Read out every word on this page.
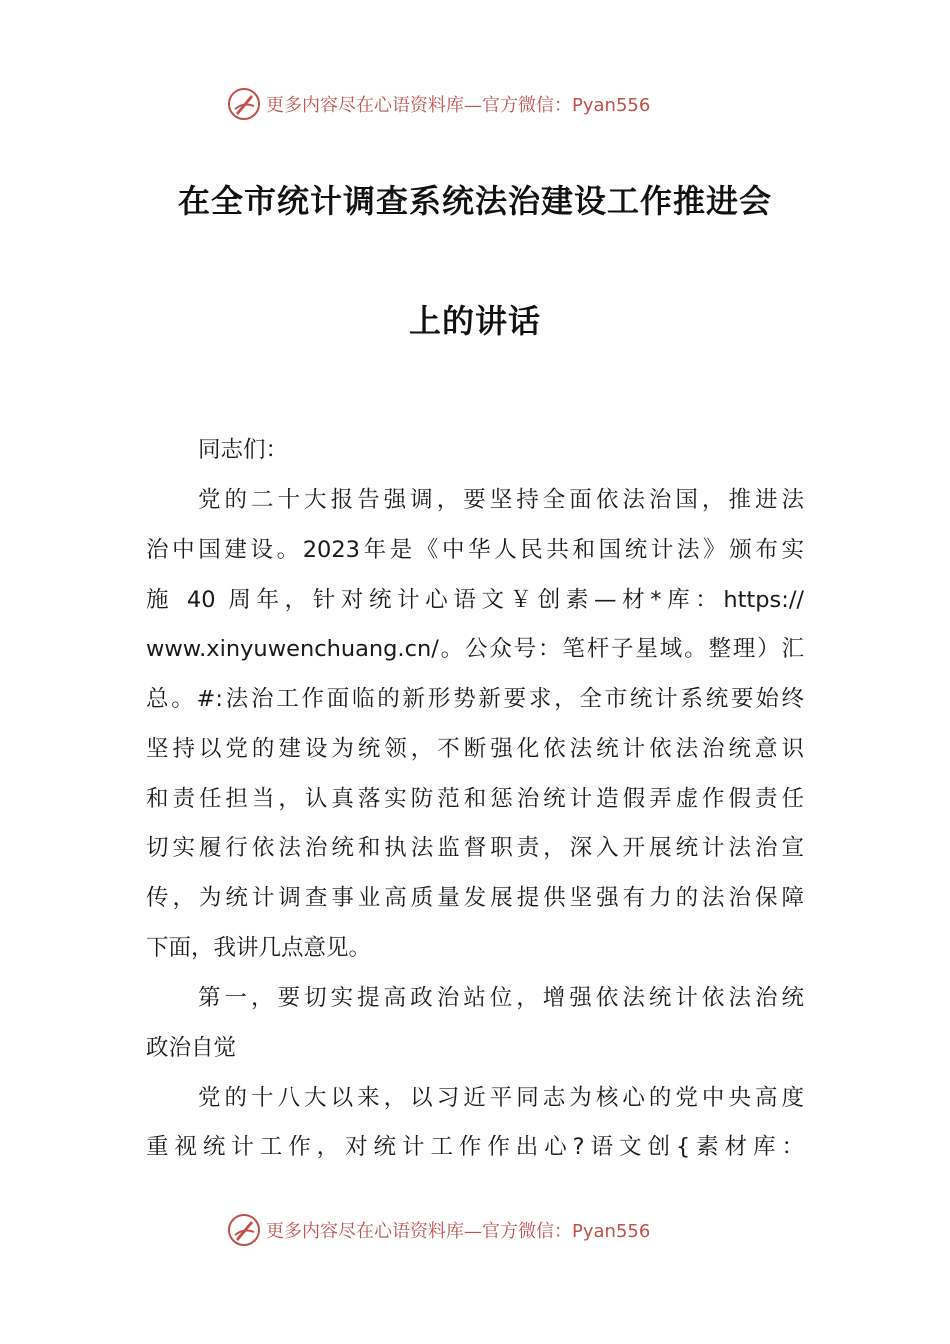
更多内容尽在心语资料库—官方微信：Pyan556
在全市统计调查系统法治建设工作推进会
上的讲话
同志们：
党的二十大报告强调，要坚持全面依法治国，推进法
治中国建设。2023年是《中华人民共和国统计法》颁布实
施 40 周年，针对统计心语文￥创素—材*库：https://
www.xinyuwenchuang.cn/。公众号：笔杆子星域。整理）汇
总。#:法治工作面临的新形势新要求，全市统计系统要始终
坚持以党的建设为统领，不断强化依法统计依法治统意识
和责任担当，认真落实防范和惩治统计造假弄虚作假责任
切实履行依法治统和执法监督职责，深入开展统计法治宣
传，为统计调查事业高质量发展提供坚强有力的法治保障
下面，我讲几点意见。
第一，要切实提高政治站位，增强依法统计依法治统
政治自觉
党的十八大以来，以习近平同志为核心的党中央高度
重视统计工作，对统计工作作出心?语文创{素材库：
更多内容尽在心语资料库—官方微信：Pyan556
